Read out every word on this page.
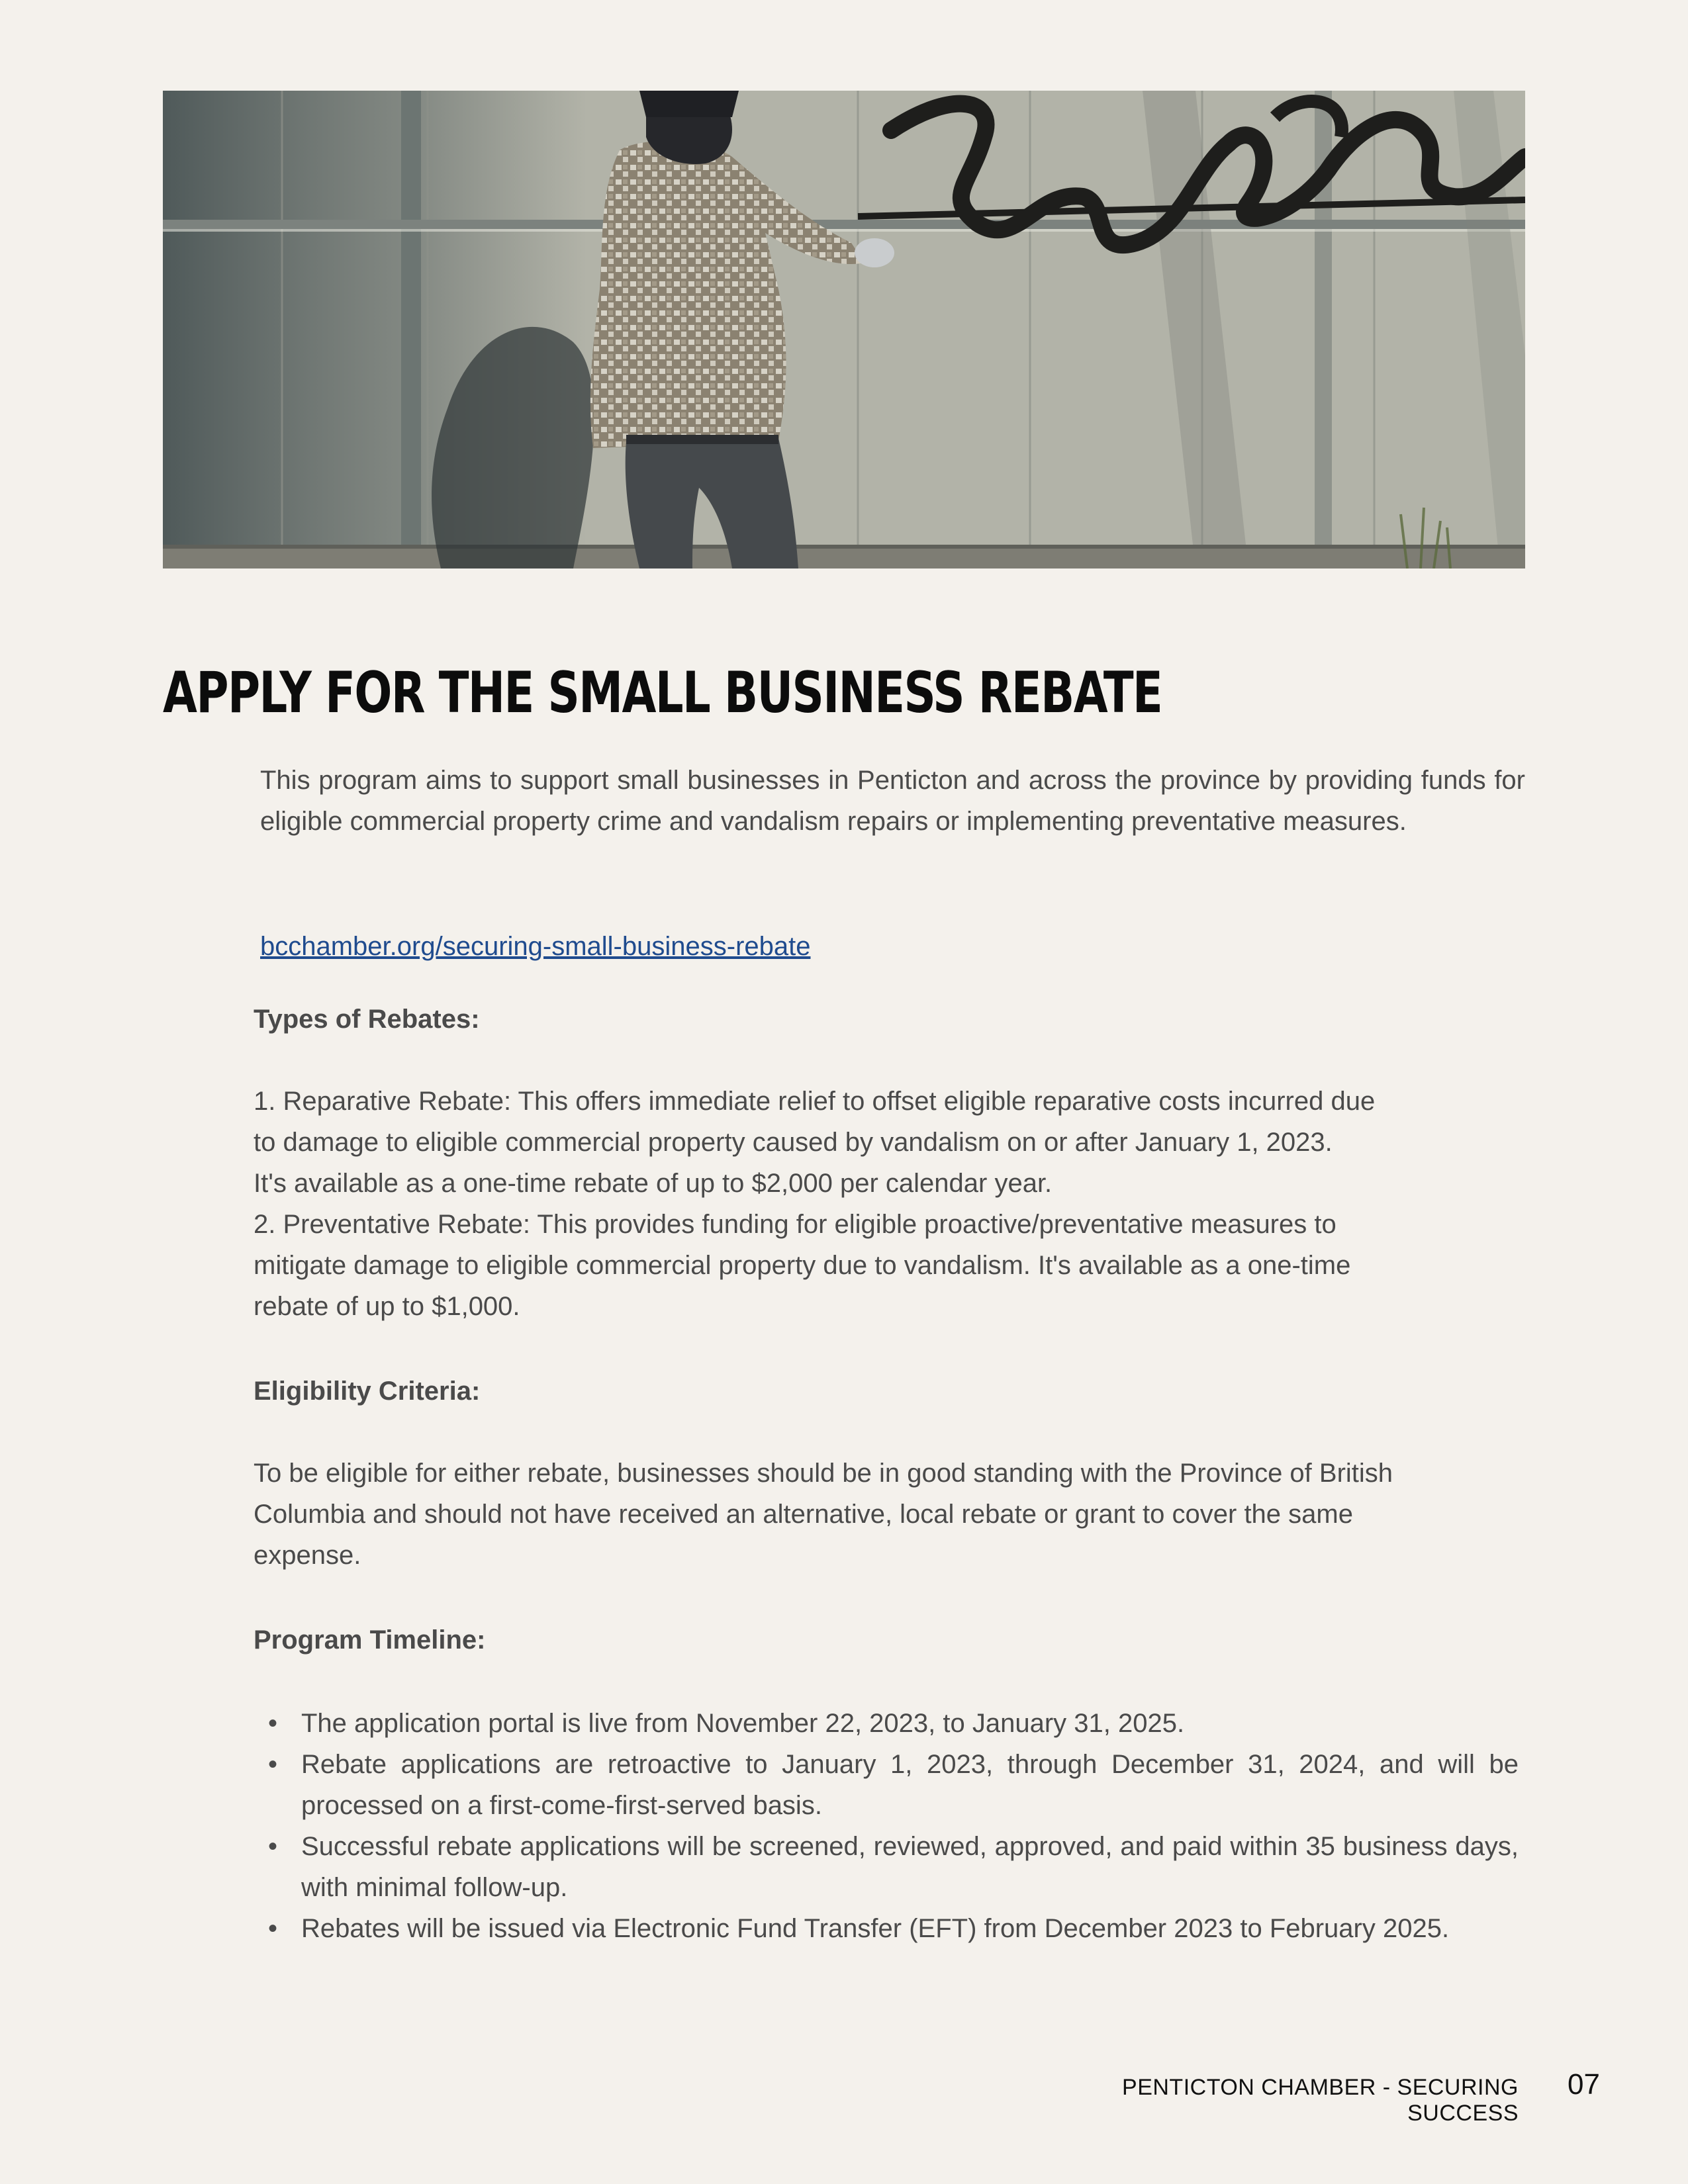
APPLY FOR THE SMALL BUSINESS REBATE

This program aims to support small businesses in Penticton and across the province by providing funds for eligible commercial property crime and vandalism repairs or implementing preventative measures.

bcchamber.org/securing-small-business-rebate
Types of Rebates:
1. Reparative Rebate: This offers immediate relief to offset eligible reparative costs incurred due
to damage to eligible commercial property caused by vandalism on or after January 1, 2023.
It's available as a one-time rebate of up to $2,000 per calendar year.
2. Preventative Rebate: This provides funding for eligible proactive/preventative measures to
mitigate damage to eligible commercial property due to vandalism. It's available as a one-time
rebate of up to $1,000.
Eligibility Criteria:
To be eligible for either rebate, businesses should be in good standing with the Province of British
Columbia and should not have received an alternative, local rebate or grant to cover the same
expense.
Program Timeline:
• The application portal is live from November 22, 2023, to January 31, 2025.
• Rebate applications are retroactive to January 1, 2023, through December 31, 2024, and will be processed on a first-come-first-served basis.
• Successful rebate applications will be screened, reviewed, approved, and paid within 35 business days, with minimal follow-up.
• Rebates will be issued via Electronic Fund Transfer (EFT) from December 2023 to February 2025.
PENTICTON CHAMBER - SECURING SUCCESS
07
